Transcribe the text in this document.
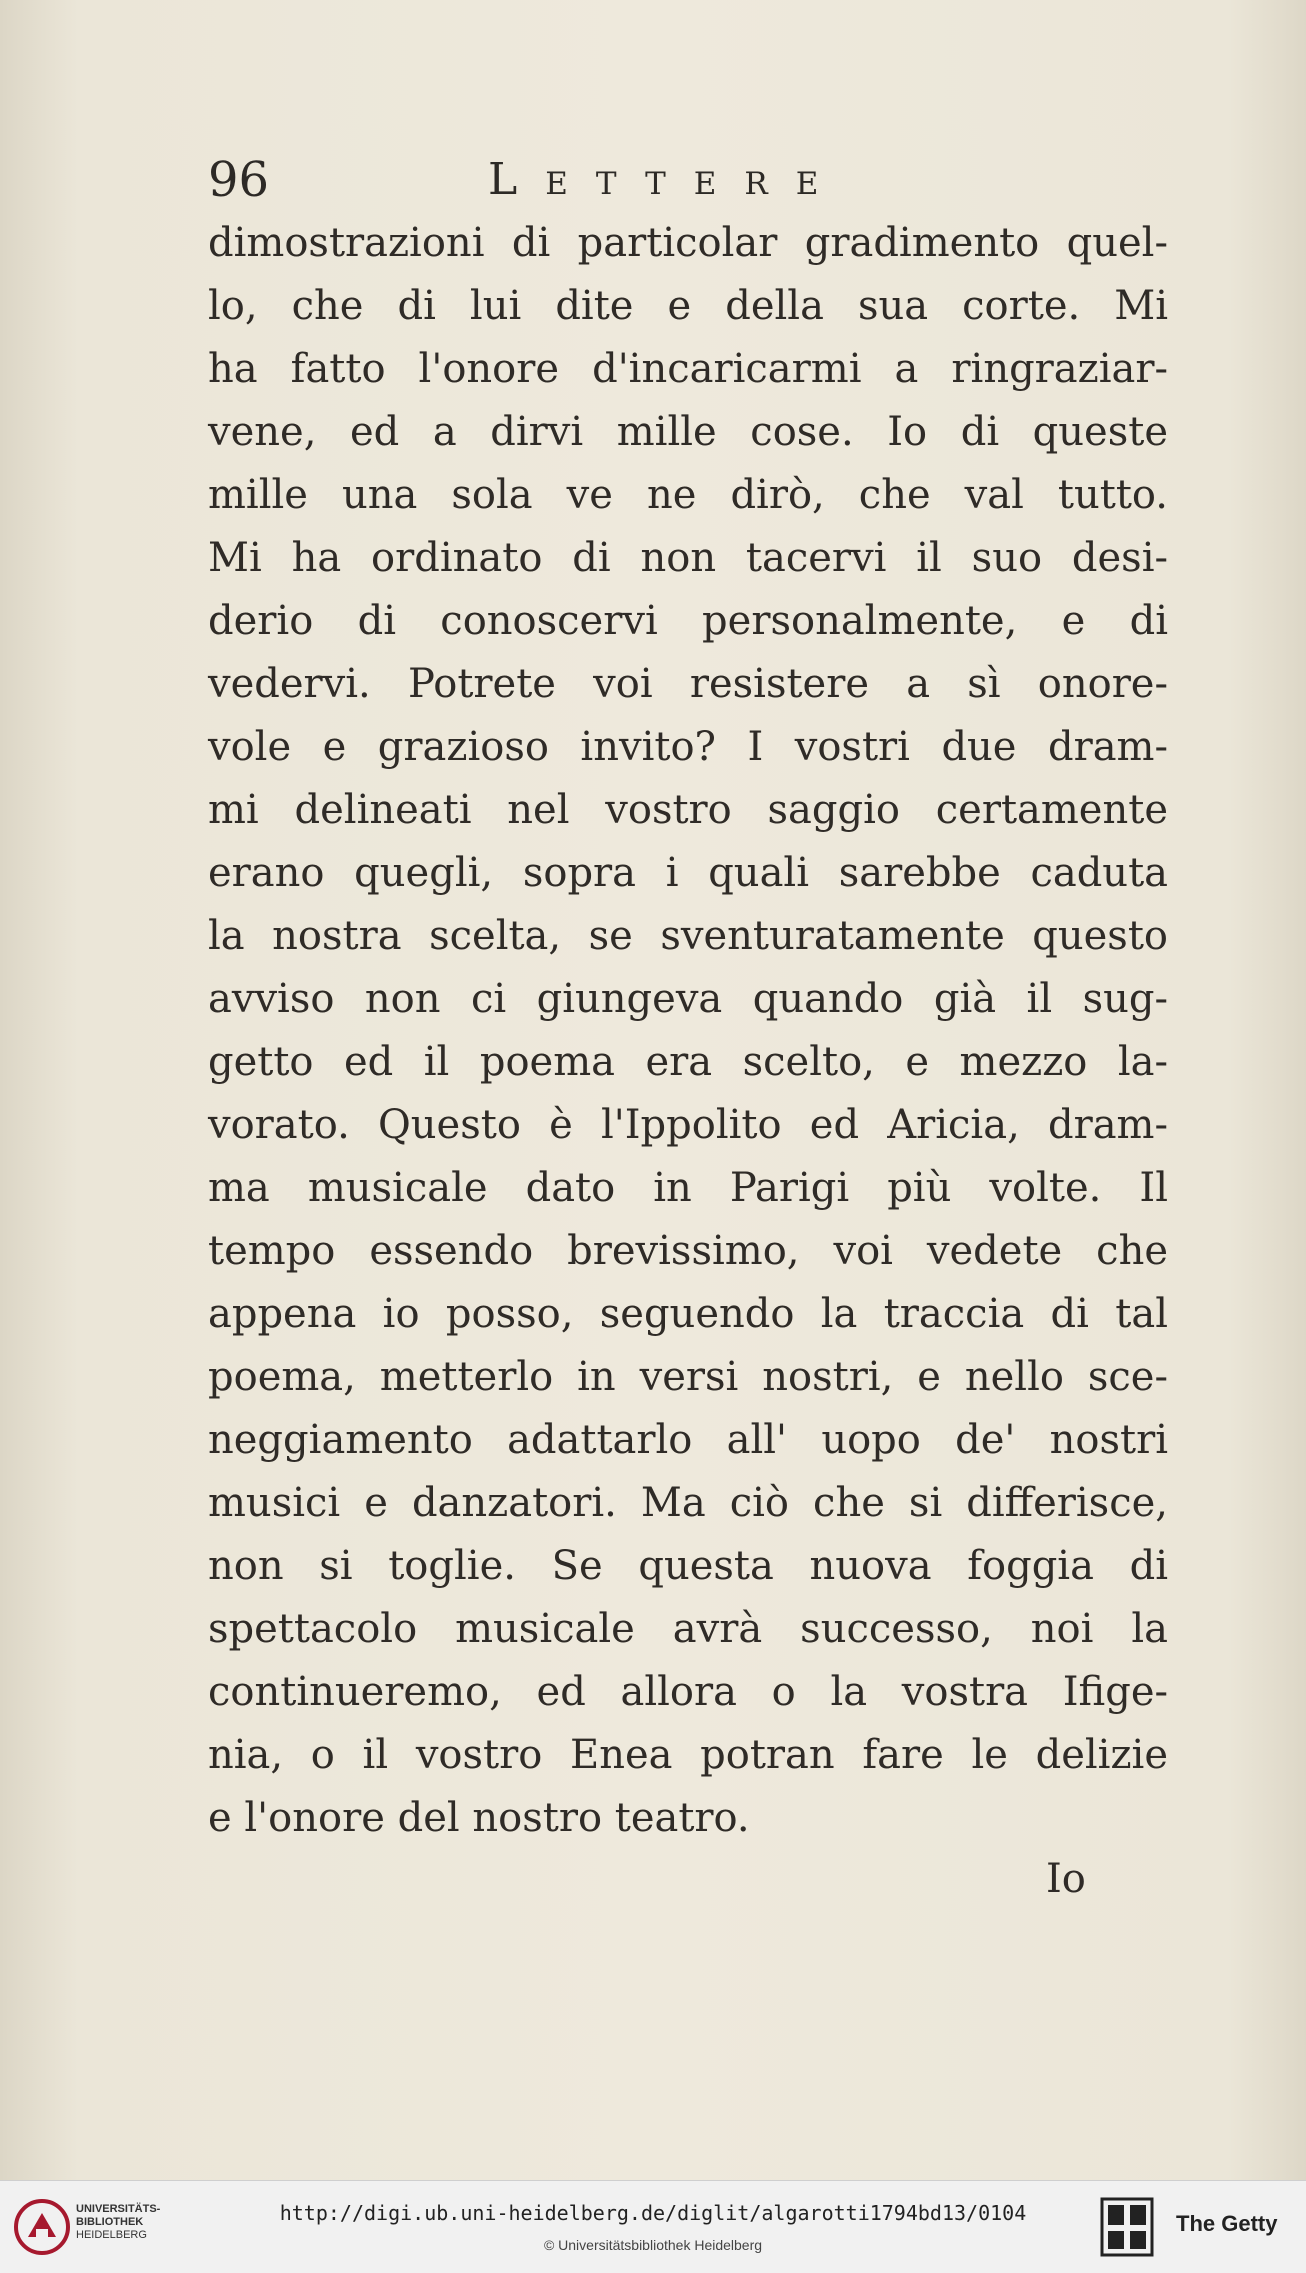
96	Lettere
dimostrazioni di particolar gradimento quel-
lo, che di lui dite e della sua corte. Mi
ha fatto l'onore d'incaricarmi a ringraziar-
vene, ed a dirvi mille cose. Io di queste
mille una sola ve ne dirò, che val tutto.
Mi ha ordinato di non tacervi il suo desi-
derio di conoscervi personalmente, e di
vedervi. Potrete voi resistere a sì onore-
vole e grazioso invito? I vostri due dram-
mi delineati nel vostro saggio certamente
erano quegli, sopra i quali sarebbe caduta
la nostra scelta, se sventuratamente questo
avviso non ci giungeva quando già il sug-
getto ed il poema era scelto, e mezzo la-
vorato. Questo è l'Ippolito ed Aricia, dram-
ma musicale dato in Parigi più volte. Il
tempo essendo brevissimo, voi vedete che
appena io posso, seguendo la traccia di tal
poema, metterlo in versi nostri, e nello sce-
neggiamento adattarlo all' uopo de' nostri
musici e danzatori. Ma ciò che si differisce,
non si toglie. Se questa nuova foggia di
spettacolo musicale avrà successo, noi la
continueremo, ed allora o la vostra Ifige-
nia, o il vostro Enea potran fare le delizie
e l'onore del nostro teatro.
Io
UNIVERSITÄTS-
BIBLIOTHEK
HEIDELBERG
http://digi.ub.uni-heidelberg.de/diglit/algarotti1794bd13/0104
© Universitätsbibliothek Heidelberg
The Getty
